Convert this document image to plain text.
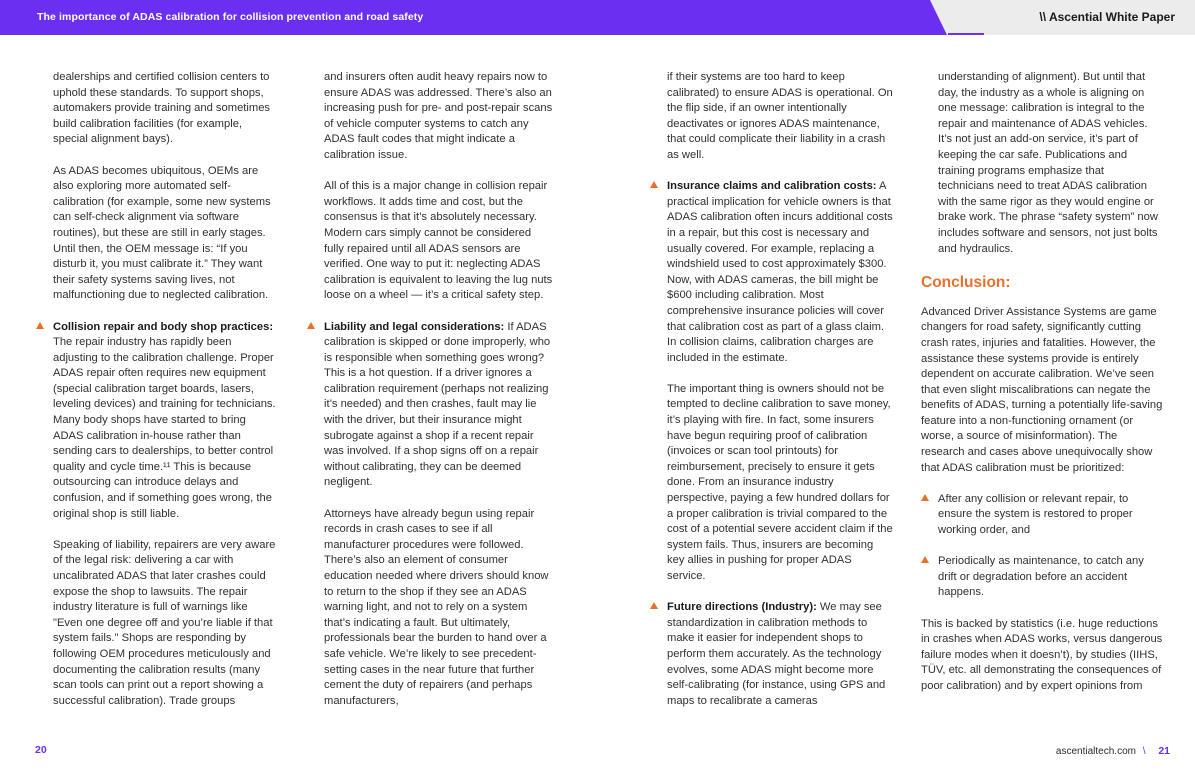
The importance of ADAS calibration for collision prevention and road safety	\\ Ascential White Paper

dealerships and certified collision centers to uphold these standards. To support shops, automakers provide training and sometimes build calibration facilities (for example, special alignment bays).

As ADAS becomes ubiquitous, OEMs are also exploring more automated self-calibration (for example, some new systems can self-check alignment via software routines), but these are still in early stages. Until then, the OEM message is: “If you disturb it, you must calibrate it.” They want their safety systems saving lives, not malfunctioning due to neglected calibration.

Collision repair and body shop practices: The repair industry has rapidly been adjusting to the calibration challenge. Proper ADAS repair often requires new equipment (special calibration target boards, lasers, leveling devices) and training for technicians. Many body shops have started to bring ADAS calibration in-house rather than sending cars to dealerships, to better control quality and cycle time.¹¹ This is because outsourcing can introduce delays and confusion, and if something goes wrong, the original shop is still liable.

Speaking of liability, repairers are very aware of the legal risk: delivering a car with uncalibrated ADAS that later crashes could expose the shop to lawsuits. The repair industry literature is full of warnings like "Even one degree off and you’re liable if that system fails." Shops are responding by following OEM procedures meticulously and documenting the calibration results (many scan tools can print out a report showing a successful calibration). Trade groups

and insurers often audit heavy repairs now to ensure ADAS was addressed. There’s also an increasing push for pre- and post-repair scans of vehicle computer systems to catch any ADAS fault codes that might indicate a calibration issue.

All of this is a major change in collision repair workflows. It adds time and cost, but the consensus is that it’s absolutely necessary. Modern cars simply cannot be considered fully repaired until all ADAS sensors are verified. One way to put it: neglecting ADAS calibration is equivalent to leaving the lug nuts loose on a wheel — it’s a critical safety step.

Liability and legal considerations: If ADAS calibration is skipped or done improperly, who is responsible when something goes wrong? This is a hot question. If a driver ignores a calibration requirement (perhaps not realizing it’s needed) and then crashes, fault may lie with the driver, but their insurance might subrogate against a shop if a recent repair was involved. If a shop signs off on a repair without calibrating, they can be deemed negligent.

Attorneys have already begun using repair records in crash cases to see if all manufacturer procedures were followed. There’s also an element of consumer education needed where drivers should know to return to the shop if they see an ADAS warning light, and not to rely on a system that’s indicating a fault. But ultimately, professionals bear the burden to hand over a safe vehicle. We’re likely to see precedent-setting cases in the near future that further cement the duty of repairers (and perhaps manufacturers,

if their systems are too hard to keep calibrated) to ensure ADAS is operational. On the flip side, if an owner intentionally deactivates or ignores ADAS maintenance, that could complicate their liability in a crash as well.

Insurance claims and calibration costs: A practical implication for vehicle owners is that ADAS calibration often incurs additional costs in a repair, but this cost is necessary and usually covered. For example, replacing a windshield used to cost approximately $300. Now, with ADAS cameras, the bill might be $600 including calibration. Most comprehensive insurance policies will cover that calibration cost as part of a glass claim. In collision claims, calibration charges are included in the estimate.

The important thing is owners should not be tempted to decline calibration to save money, it’s playing with fire. In fact, some insurers have begun requiring proof of calibration (invoices or scan tool printouts) for reimbursement, precisely to ensure it gets done. From an insurance industry perspective, paying a few hundred dollars for a proper calibration is trivial compared to the cost of a potential severe accident claim if the system fails. Thus, insurers are becoming key allies in pushing for proper ADAS service.

Future directions (Industry): We may see standardization in calibration methods to make it easier for independent shops to perform them accurately. As the technology evolves, some ADAS might become more self-calibrating (for instance, using GPS and maps to recalibrate a cameras

understanding of alignment). But until that day, the industry as a whole is aligning on one message: calibration is integral to the repair and maintenance of ADAS vehicles. It’s not just an add-on service, it’s part of keeping the car safe. Publications and training programs emphasize that technicians need to treat ADAS calibration with the same rigor as they would engine or brake work. The phrase “safety system” now includes software and sensors, not just bolts and hydraulics.

Conclusion:

Advanced Driver Assistance Systems are game changers for road safety, significantly cutting crash rates, injuries and fatalities. However, the assistance these systems provide is entirely dependent on accurate calibration. We’ve seen that even slight miscalibrations can negate the benefits of ADAS, turning a potentially life-saving feature into a non-functioning ornament (or worse, a source of misinformation). The research and cases above unequivocally show that ADAS calibration must be prioritized:

After any collision or relevant repair, to ensure the system is restored to proper working order, and

Periodically as maintenance, to catch any drift or degradation before an accident happens.

This is backed by statistics (i.e. huge reductions in crashes when ADAS works, versus dangerous failure modes when it doesn’t), by studies (IIHS, TÜV, etc. all demonstrating the consequences of poor calibration) and by expert opinions from

20	ascentialtech.com \ 21
